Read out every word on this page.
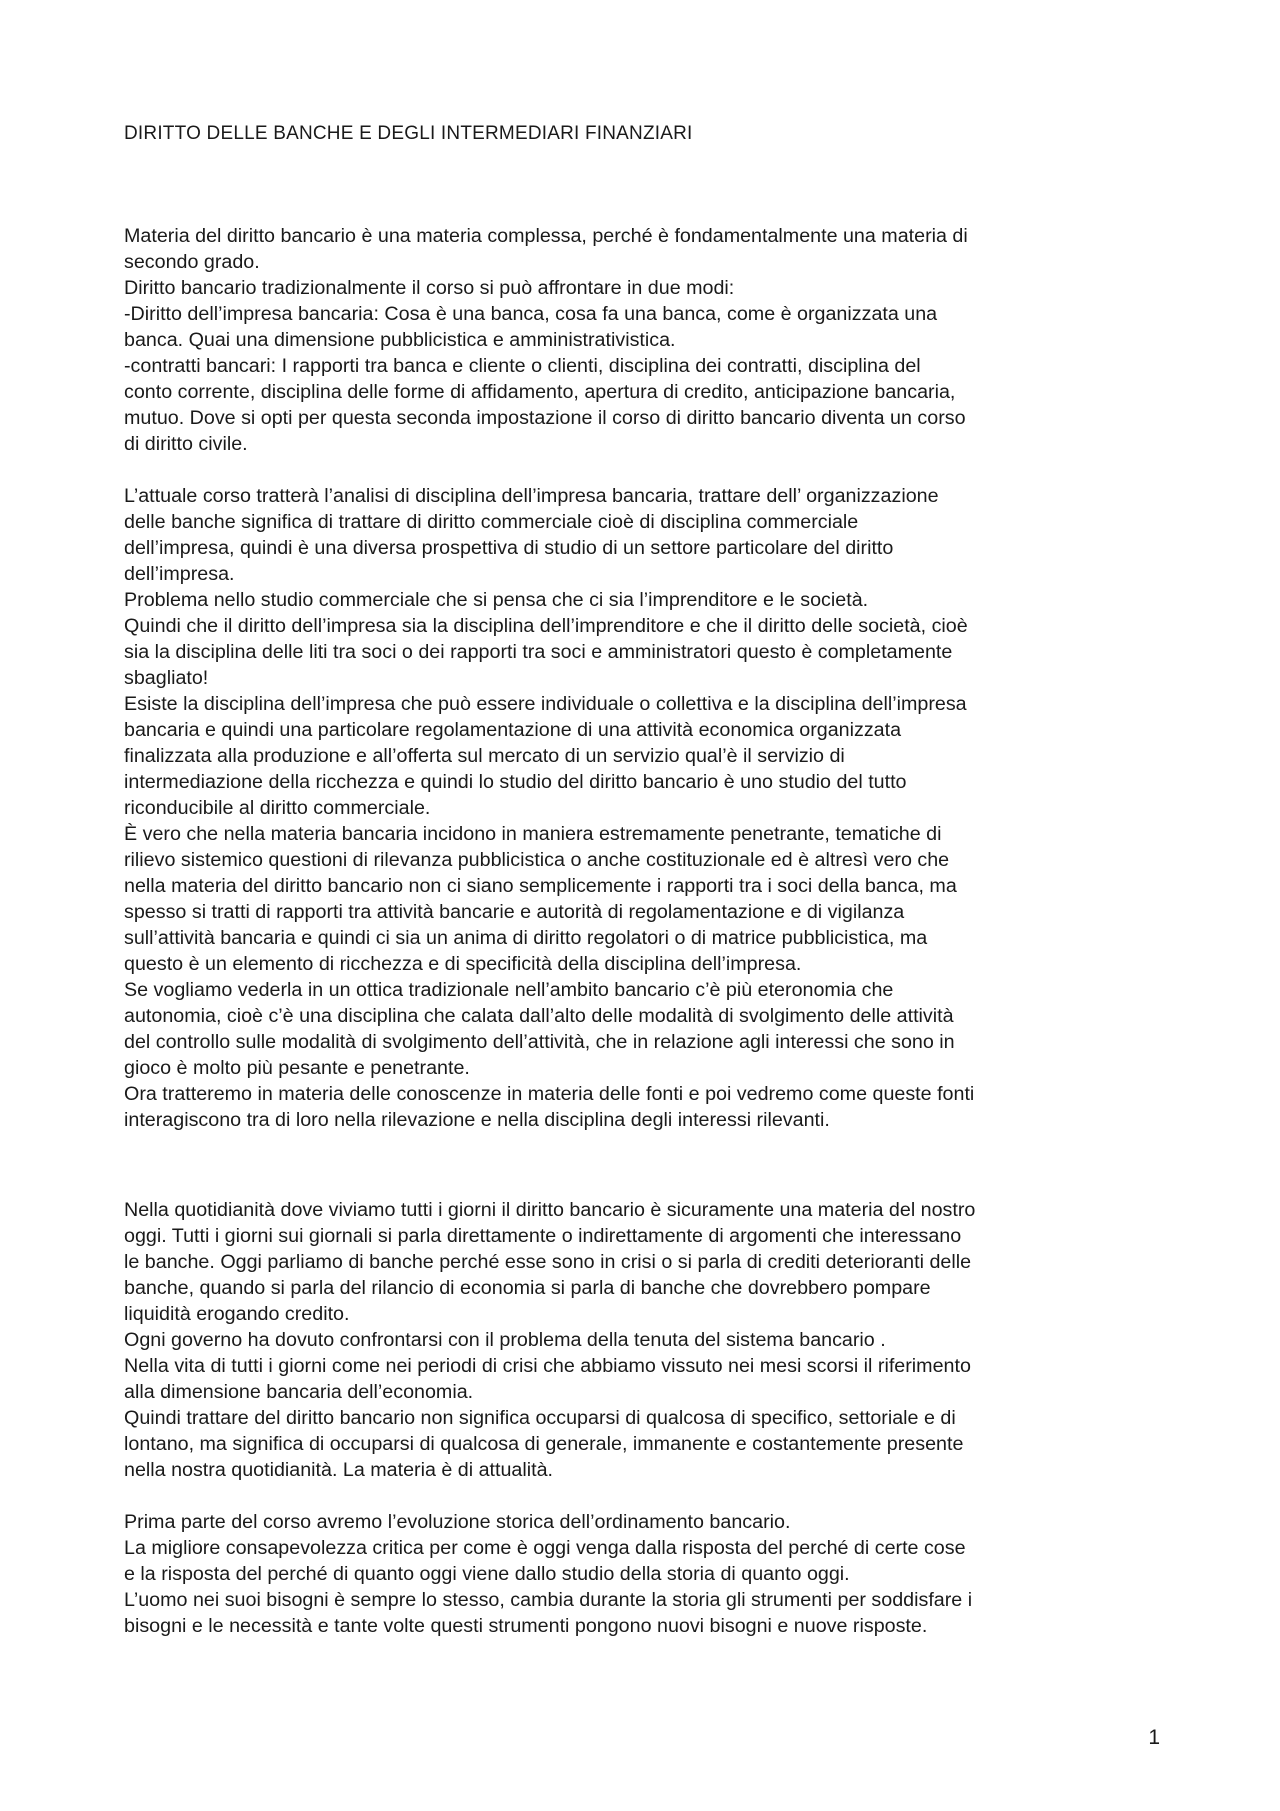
DIRITTO DELLE BANCHE E DEGLI INTERMEDIARI FINANZIARI
Materia del diritto bancario è una materia complessa, perché è fondamentalmente una materia di
secondo grado.
Diritto bancario tradizionalmente il corso si può affrontare in due modi:
-Diritto dell’impresa bancaria: Cosa è una banca, cosa fa una banca, come è organizzata una
banca. Quai una dimensione pubblicistica e amministrativistica.
-contratti bancari: I rapporti tra banca e cliente o clienti, disciplina dei contratti, disciplina del
conto corrente, disciplina delle forme di affidamento, apertura di credito, anticipazione bancaria,
mutuo. Dove si opti per questa seconda impostazione il corso di diritto bancario diventa un corso
di diritto civile.
L’attuale corso tratterà l’analisi di disciplina dell’impresa bancaria, trattare dell’ organizzazione
delle banche significa di trattare di diritto commerciale cioè di disciplina commerciale
dell’impresa, quindi è una diversa prospettiva di studio di un settore particolare del diritto
dell’impresa.
Problema nello studio commerciale che si pensa che ci sia l’imprenditore e le società.
Quindi che il diritto dell’impresa sia la disciplina dell’imprenditore e che il diritto delle società, cioè
sia la disciplina delle liti tra soci o dei rapporti tra soci e amministratori questo è completamente
sbagliato!
Esiste la disciplina dell’impresa che può essere individuale o collettiva e la disciplina dell’impresa
bancaria e quindi una particolare regolamentazione di una attività economica organizzata
finalizzata alla produzione e all’offerta sul mercato di un servizio qual’è il servizio di
intermediazione della ricchezza e quindi lo studio del diritto bancario è uno studio del tutto
riconducibile al diritto commerciale.
È vero che nella materia bancaria incidono in maniera estremamente penetrante, tematiche di
rilievo sistemico questioni di rilevanza pubblicistica o anche costituzionale ed è altresì vero che
nella materia del diritto bancario non ci siano semplicemente i rapporti tra i soci della banca, ma
spesso si tratti di rapporti tra attività bancarie e autorità di regolamentazione e di vigilanza
sull’attività bancaria e quindi ci sia un anima di diritto regolatori o di matrice pubblicistica, ma
questo è un elemento di ricchezza e di specificità della disciplina dell’impresa.
Se vogliamo vederla in un ottica tradizionale nell’ambito bancario c’è più eteronomia che
autonomia, cioè c’è una disciplina che calata dall’alto delle modalità di svolgimento delle attività
del controllo sulle modalità di svolgimento dell’attività, che in relazione agli interessi che sono in
gioco è molto più pesante e penetrante.
Ora tratteremo in materia delle conoscenze in materia delle fonti e poi vedremo come queste fonti
interagiscono tra di loro nella rilevazione e nella disciplina degli interessi rilevanti.
Nella quotidianità dove viviamo tutti i giorni il diritto bancario è sicuramente una materia del nostro
oggi. Tutti i giorni sui giornali si parla direttamente o indirettamente di argomenti che interessano
le banche. Oggi parliamo di banche perché esse sono in crisi o si parla di crediti deterioranti delle
banche, quando si parla del rilancio di economia si parla di banche che dovrebbero pompare
liquidità erogando credito.
Ogni governo ha dovuto confrontarsi con il problema della tenuta del sistema bancario .
Nella vita di tutti i giorni come nei periodi di crisi che abbiamo vissuto nei mesi scorsi il riferimento
alla dimensione bancaria dell’economia.
Quindi trattare del diritto bancario non significa occuparsi di qualcosa di specifico, settoriale e di
lontano, ma significa di occuparsi di qualcosa di generale, immanente e costantemente presente
nella nostra quotidianità. La materia è di attualità.
Prima parte del corso avremo l’evoluzione storica dell’ordinamento bancario.
La migliore consapevolezza critica per come è oggi venga dalla risposta del perché di certe cose
e la risposta del perché di quanto oggi viene dallo studio della storia di quanto oggi.
L’uomo nei suoi bisogni è sempre lo stesso, cambia durante la storia gli strumenti per soddisfare i
bisogni e le necessità e tante volte questi strumenti pongono nuovi bisogni e nuove risposte.
1
